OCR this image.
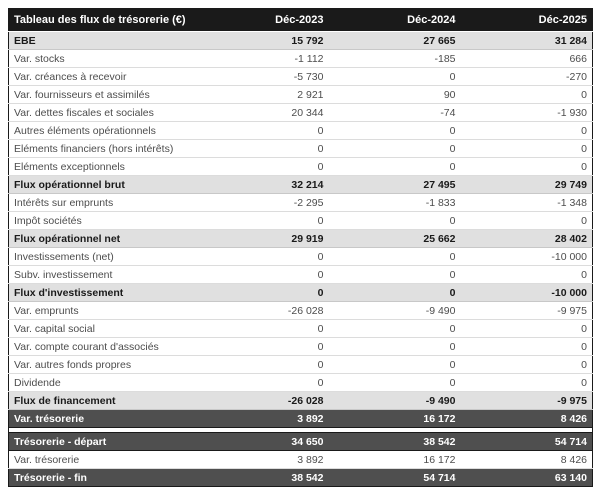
Tableau des flux de trésorerie (€)	Déc-2023	Déc-2024	Déc-2025
EBE	15 792	27 665	31 284
Var. stocks	-1 112	-185	666
Var. créances à recevoir	-5 730	0	-270
Var. fournisseurs et assimilés	2 921	90	0
Var. dettes fiscales et sociales	20 344	-74	-1 930
Autres éléments opérationnels	0	0	0
Eléments financiers (hors intérêts)	0	0	0
Eléments exceptionnels	0	0	0
Flux opérationnel brut	32 214	27 495	29 749
Intérêts sur emprunts	-2 295	-1 833	-1 348
Impôt sociétés	0	0	0
Flux opérationnel net	29 919	25 662	28 402
Investissements (net)	0	0	-10 000
Subv. investissement	0	0	0
Flux d'investissement	0	0	-10 000
Var. emprunts	-26 028	-9 490	-9 975
Var. capital social	0	0	0
Var. compte courant d'associés	0	0	0
Var. autres fonds propres	0	0	0
Dividende	0	0	0
Flux de financement	-26 028	-9 490	-9 975
Var. trésorerie	3 892	16 172	8 426

Trésorerie - départ	34 650	38 542	54 714
Var. trésorerie	3 892	16 172	8 426
Trésorerie - fin	38 542	54 714	63 140
